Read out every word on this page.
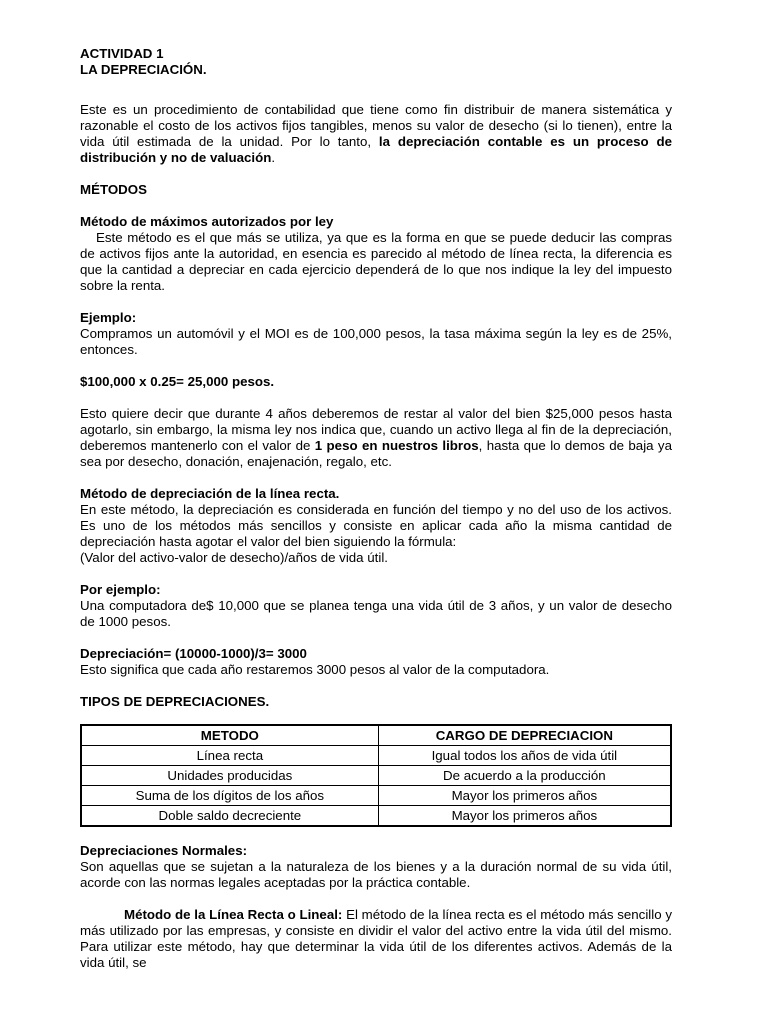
ACTIVIDAD 1

LA DEPRECIACIÓN.

Este es un procedimiento de contabilidad que tiene como fin distribuir de manera sistemática y razonable el costo de los activos fijos tangibles, menos su valor de desecho (si lo tienen), entre la vida útil estimada de la unidad. Por lo tanto, la depreciación contable es un proceso de distribución y no de valuación.

MÉTODOS

Método de máximos autorizados por ley

Este método es el que más se utiliza, ya que es la forma en que se puede deducir las compras de activos fijos ante la autoridad, en esencia es parecido al método de línea recta, la diferencia es que la cantidad a depreciar en cada ejercicio dependerá de lo que nos indique la ley del impuesto sobre la renta.

Ejemplo:

Compramos un automóvil y el MOI es de 100,000 pesos, la tasa máxima según la ley es de 25%, entonces.

$100,000 x 0.25= 25,000 pesos.

Esto quiere decir que durante 4 años deberemos de restar al valor del bien $25,000 pesos hasta agotarlo, sin embargo, la misma ley nos indica que, cuando un activo llega al fin de la depreciación, deberemos mantenerlo con el valor de 1 peso en nuestros libros, hasta que lo demos de baja ya sea por desecho, donación, enajenación, regalo, etc.

Método de depreciación de la línea recta.

En este método, la depreciación es considerada en función del tiempo y no del uso de los activos. Es uno de los métodos más sencillos y consiste en aplicar cada año la misma cantidad de depreciación hasta agotar el valor del bien siguiendo la fórmula:

(Valor del activo-valor de desecho)/años de vida útil.

Por ejemplo:

Una computadora de$ 10,000 que se planea tenga una vida útil de 3 años, y un valor de desecho de 1000 pesos.

Depreciación= (10000-1000)/3= 3000

Esto significa que cada año restaremos 3000 pesos al valor de la computadora.

TIPOS DE DEPRECIACIONES.

METODO	CARGO DE DEPRECIACION
Línea recta	Igual todos los años de vida útil
Unidades producidas	De acuerdo a la producción
Suma de los dígitos de los años	Mayor los primeros años
Doble saldo decreciente	Mayor los primeros años

Depreciaciones Normales:

Son aquellas que se sujetan a la naturaleza de los bienes y a la duración normal de su vida útil, acorde con las normas legales aceptadas por la práctica contable.

Método de la Línea Recta o Lineal: El método de la línea recta es el método más sencillo y más utilizado por las empresas, y consiste en dividir el valor del activo entre la vida útil del mismo. Para utilizar este método, hay que determinar la vida útil de los diferentes activos. Además de la vida útil, se
